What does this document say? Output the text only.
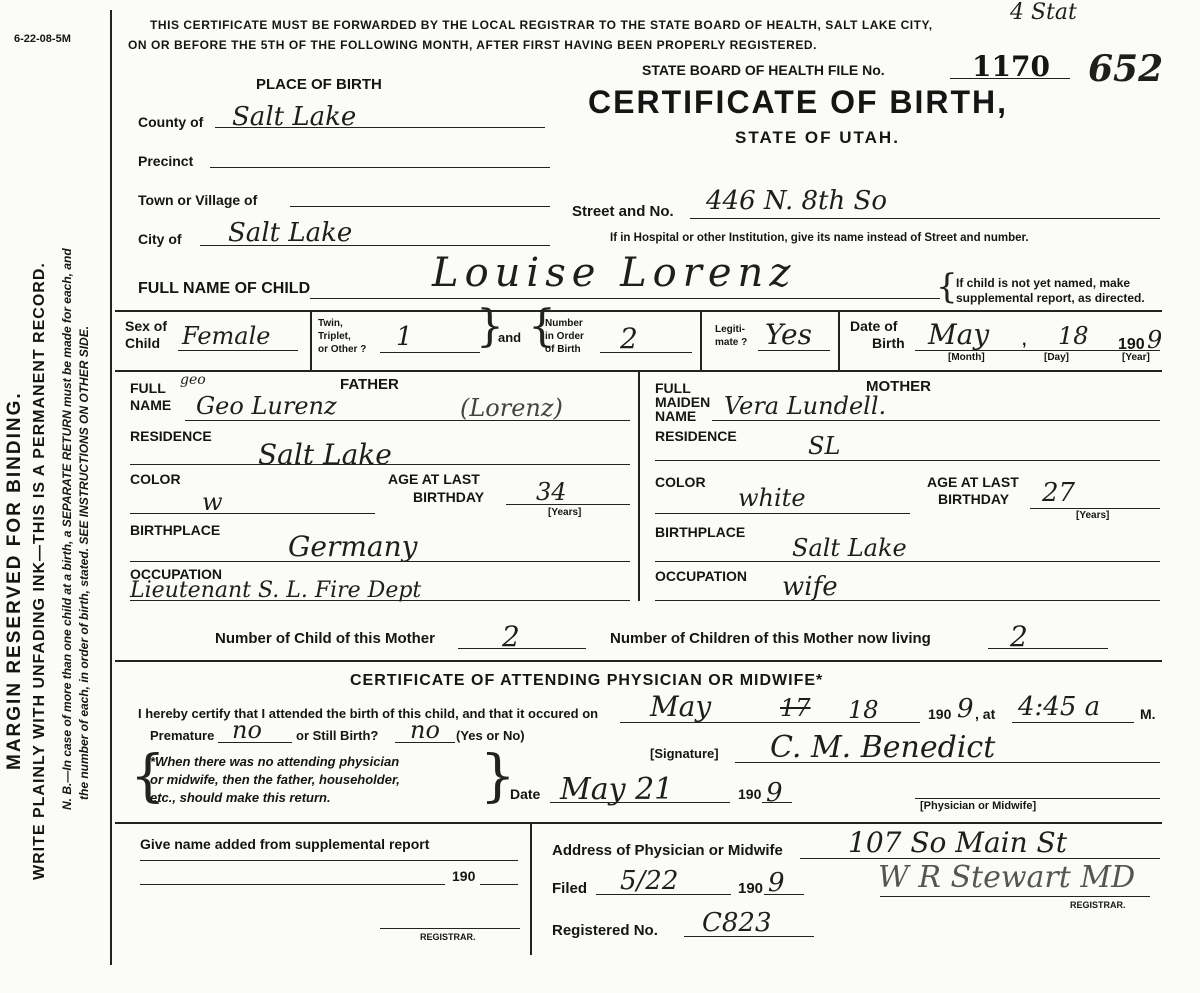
6-22-08-5M
MARGIN RESERVED FOR BINDING. WRITE PLAINLY WITH UNFADING INK—THIS IS A PERMANENT RECORD. N. B.—In case of more than one child at a birth, a SEPARATE RETURN must be made for each, and the number of each, in order of birth, stated. SEE INSTRUCTIONS ON OTHER SIDE.
THIS CERTIFICATE MUST BE FORWARDED BY THE LOCAL REGISTRAR TO THE STATE BOARD OF HEALTH, SALT LAKE CITY,
ON OR BEFORE THE 5TH OF THE FOLLOWING MONTH, AFTER FIRST HAVING BEEN PROPERLY REGISTERED.
4 Stat
STATE BOARD OF HEALTH FILE No.	1170 652
CERTIFICATE OF BIRTH,
STATE OF UTAH.
PLACE OF BIRTH
County of Salt Lake
Precinct
Town or Village of
City of Salt Lake
Street and No. 446 N. 8th So
If in Hospital or other Institution, give its name instead of Street and number.
FULL NAME OF CHILD	Louise Lorenz	{
If child is not yet named, make
supplemental report, as directed.
Sex of
Child Female	Twin,
Triplet,
or Other ? 1 }
and {
Number
in Order
of Birth 2	Legiti-
mate ? Yes	Date of
Birth May , 18 190 9
[Month]	[Day]	[Year]
FATHER
FULL geo
NAME Geo Lurenz	(Lorenz)
RESIDENCE
Salt Lake
COLOR
w
AGE AT LAST
BIRTHDAY 34
[Years]
BIRTHPLACE Germany
OCCUPATION
Lieutenant S. L. Fire Dept
MOTHER
FULL
MAIDEN
NAME Vera Lundell.
RESIDENCE	SL
COLOR
white
AGE AT LAST
BIRTHDAY 27
[Years]
BIRTHPLACE
Salt Lake
OCCUPATION wife
Number of Child of this Mother 2	Number of Children of this Mother now living	2
CERTIFICATE OF ATTENDING PHYSICIAN OR MIDWIFE*
I hereby certify that I attended the birth of this child, and that it occured on May	17 18	190 9 , at 4:45 a	M.
Premature no	or Still Birth? no (Yes or No)
{
*When there was no attending physician
or midwife, then the father, householder,
etc., should make this return.	}	[Signature] C. M. Benedict
Date May 21	190 9	[Physician or Midwife]
Give name added from supplemental report
190
REGISTRAR.
Address of Physician or Midwife 107 So Main St
Filed 5/22	190 9	W R Stewart MD
REGISTRAR.
Registered No. C823
